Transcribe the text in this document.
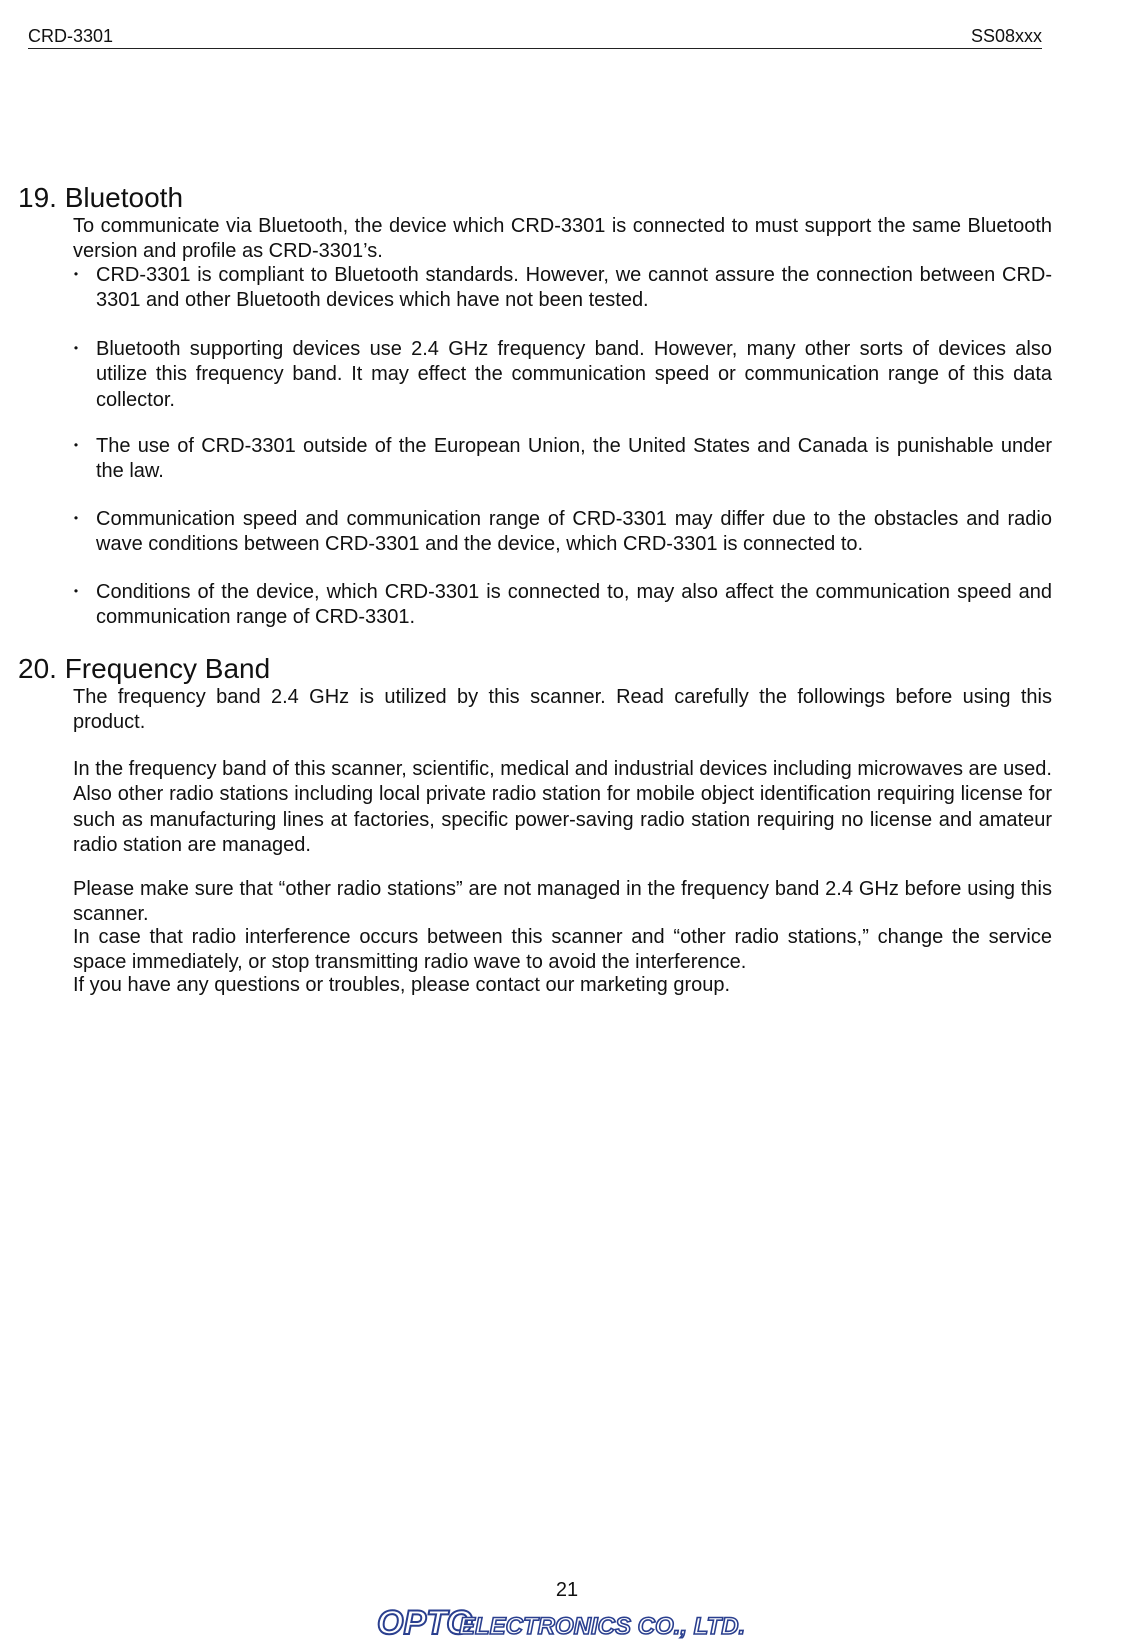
CRD-3301	SS08xxx
19. Bluetooth

To communicate via Bluetooth, the device which CRD-3301 is connected to must support the same Bluetooth version and profile as CRD-3301’s.

・ CRD-3301 is compliant to Bluetooth standards. However, we cannot assure the connection between CRD-3301 and other Bluetooth devices which have not been tested.
・ Bluetooth supporting devices use 2.4 GHz frequency band. However, many other sorts of devices also utilize this frequency band. It may effect the communication speed or communication range of this data collector.
・ The use of CRD-3301 outside of the European Union, the United States and Canada is punishable under the law.
・ Communication speed and communication range of CRD-3301 may differ due to the obstacles and radio wave conditions between CRD-3301 and the device, which CRD-3301 is connected to.
・ Conditions of the device, which CRD-3301 is connected to, may also affect the communication speed and communication range of CRD-3301.
20. Frequency Band

The frequency band 2.4 GHz is utilized by this scanner. Read carefully the followings before using this product.

In the frequency band of this scanner, scientific, medical and industrial devices including microwaves are used. Also other radio stations including local private radio station for mobile object identification requiring license for such as manufacturing lines at factories, specific power-saving radio station requiring no license and amateur radio station are managed.

Please make sure that “other radio stations” are not managed in the frequency band 2.4 GHz before using this scanner.

In case that radio interference occurs between this scanner and “other radio stations,” change the service space immediately, or stop transmitting radio wave to avoid the interference.

If you have any questions or troubles, please contact our marketing group.

21
OPTO
ELECTRONICS CO., LTD.
